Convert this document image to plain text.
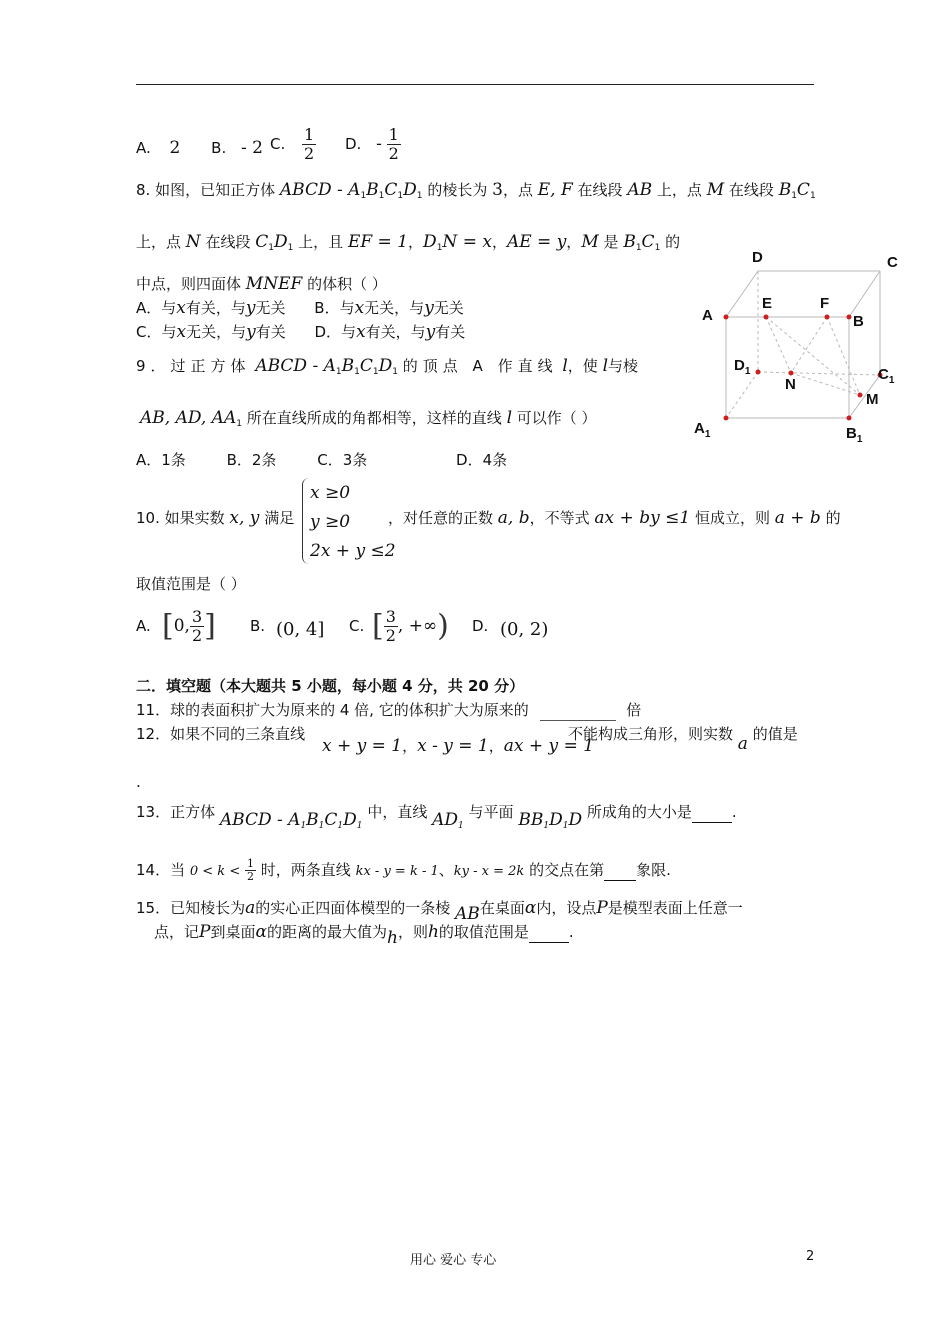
A. 2 B. - 2 C. $\frac{1}{2} D$. - $\frac{1}{2}$
8. 如图，已知正方体 ABCD - $A_1B_1C_1D_1$ 的棱长为 3，点 E, F 在线段 AB 上，点 M 在线段 $B_1C_1$
上，点 N 在线段 $C_1D_1$ 上，且 EF = 1，$D_1N = x$，AE = y，M 是 $B_1C_1$ 的
中点，则四面体 MNEF 的体积（ ）
A．与x有关，与y无关 B．与x无关，与y无关
C．与x无关，与y有关 D．与x有关，与y有关
9．过正方体 ABCD - $A_1B_1C_1D_1$ 的顶点 A 作直线 l，使 l与棱
AB, AD, $AA_1$ 所在直线所成的角都相等，这样的直线 l 可以作（ ）
A．1条	B．2条	C．3条	D．4条
10. 如果实数 x, y 满足
x ≥0
y ≥0
2x + y ≤2
，对任意的正数 a, b，不等式 ax + by ≤1 恒成立，则 a + b 的
取值范围是（ ）
A. [0, $\frac{3}{2}$ ] B. (0, 4] C. [ $\frac{3}{2}$ , +∞) D. (0, 2)
二．填空题（本大题共 5 小题，每小题 4 分，共 20 分）
11．球的表面积扩大为原来的 4 倍, 它的体积扩大为原来的	倍
12．如果不同的三条直线
x + y = 1，x - y = 1，ax + y = 1
不能构成三角形，则实数 a 的值是
.
13．正方体 ABCD - $A_1B_1C_1D_1$ 中，直线 $AD_1$ 与平面 $BB_1D_1D$ 所成角的大小是	.
14．当 $0 < k < \frac{1}{2}$ 时，两条直线 kx - y = k - 1、ky - x = 2k 的交点在第 象限.
15．已知棱长为a的实心正四面体模型的一条棱 AB在桌面α内，设点P是模型表面上任意一
点，记P到桌面α的距离的最大值为h，则h的取值范围是	.
D	C
A
E	F
B
$D_1$
N
$C_1$
M
$A_1$	$B_1$
用心 爱心 专心	2
